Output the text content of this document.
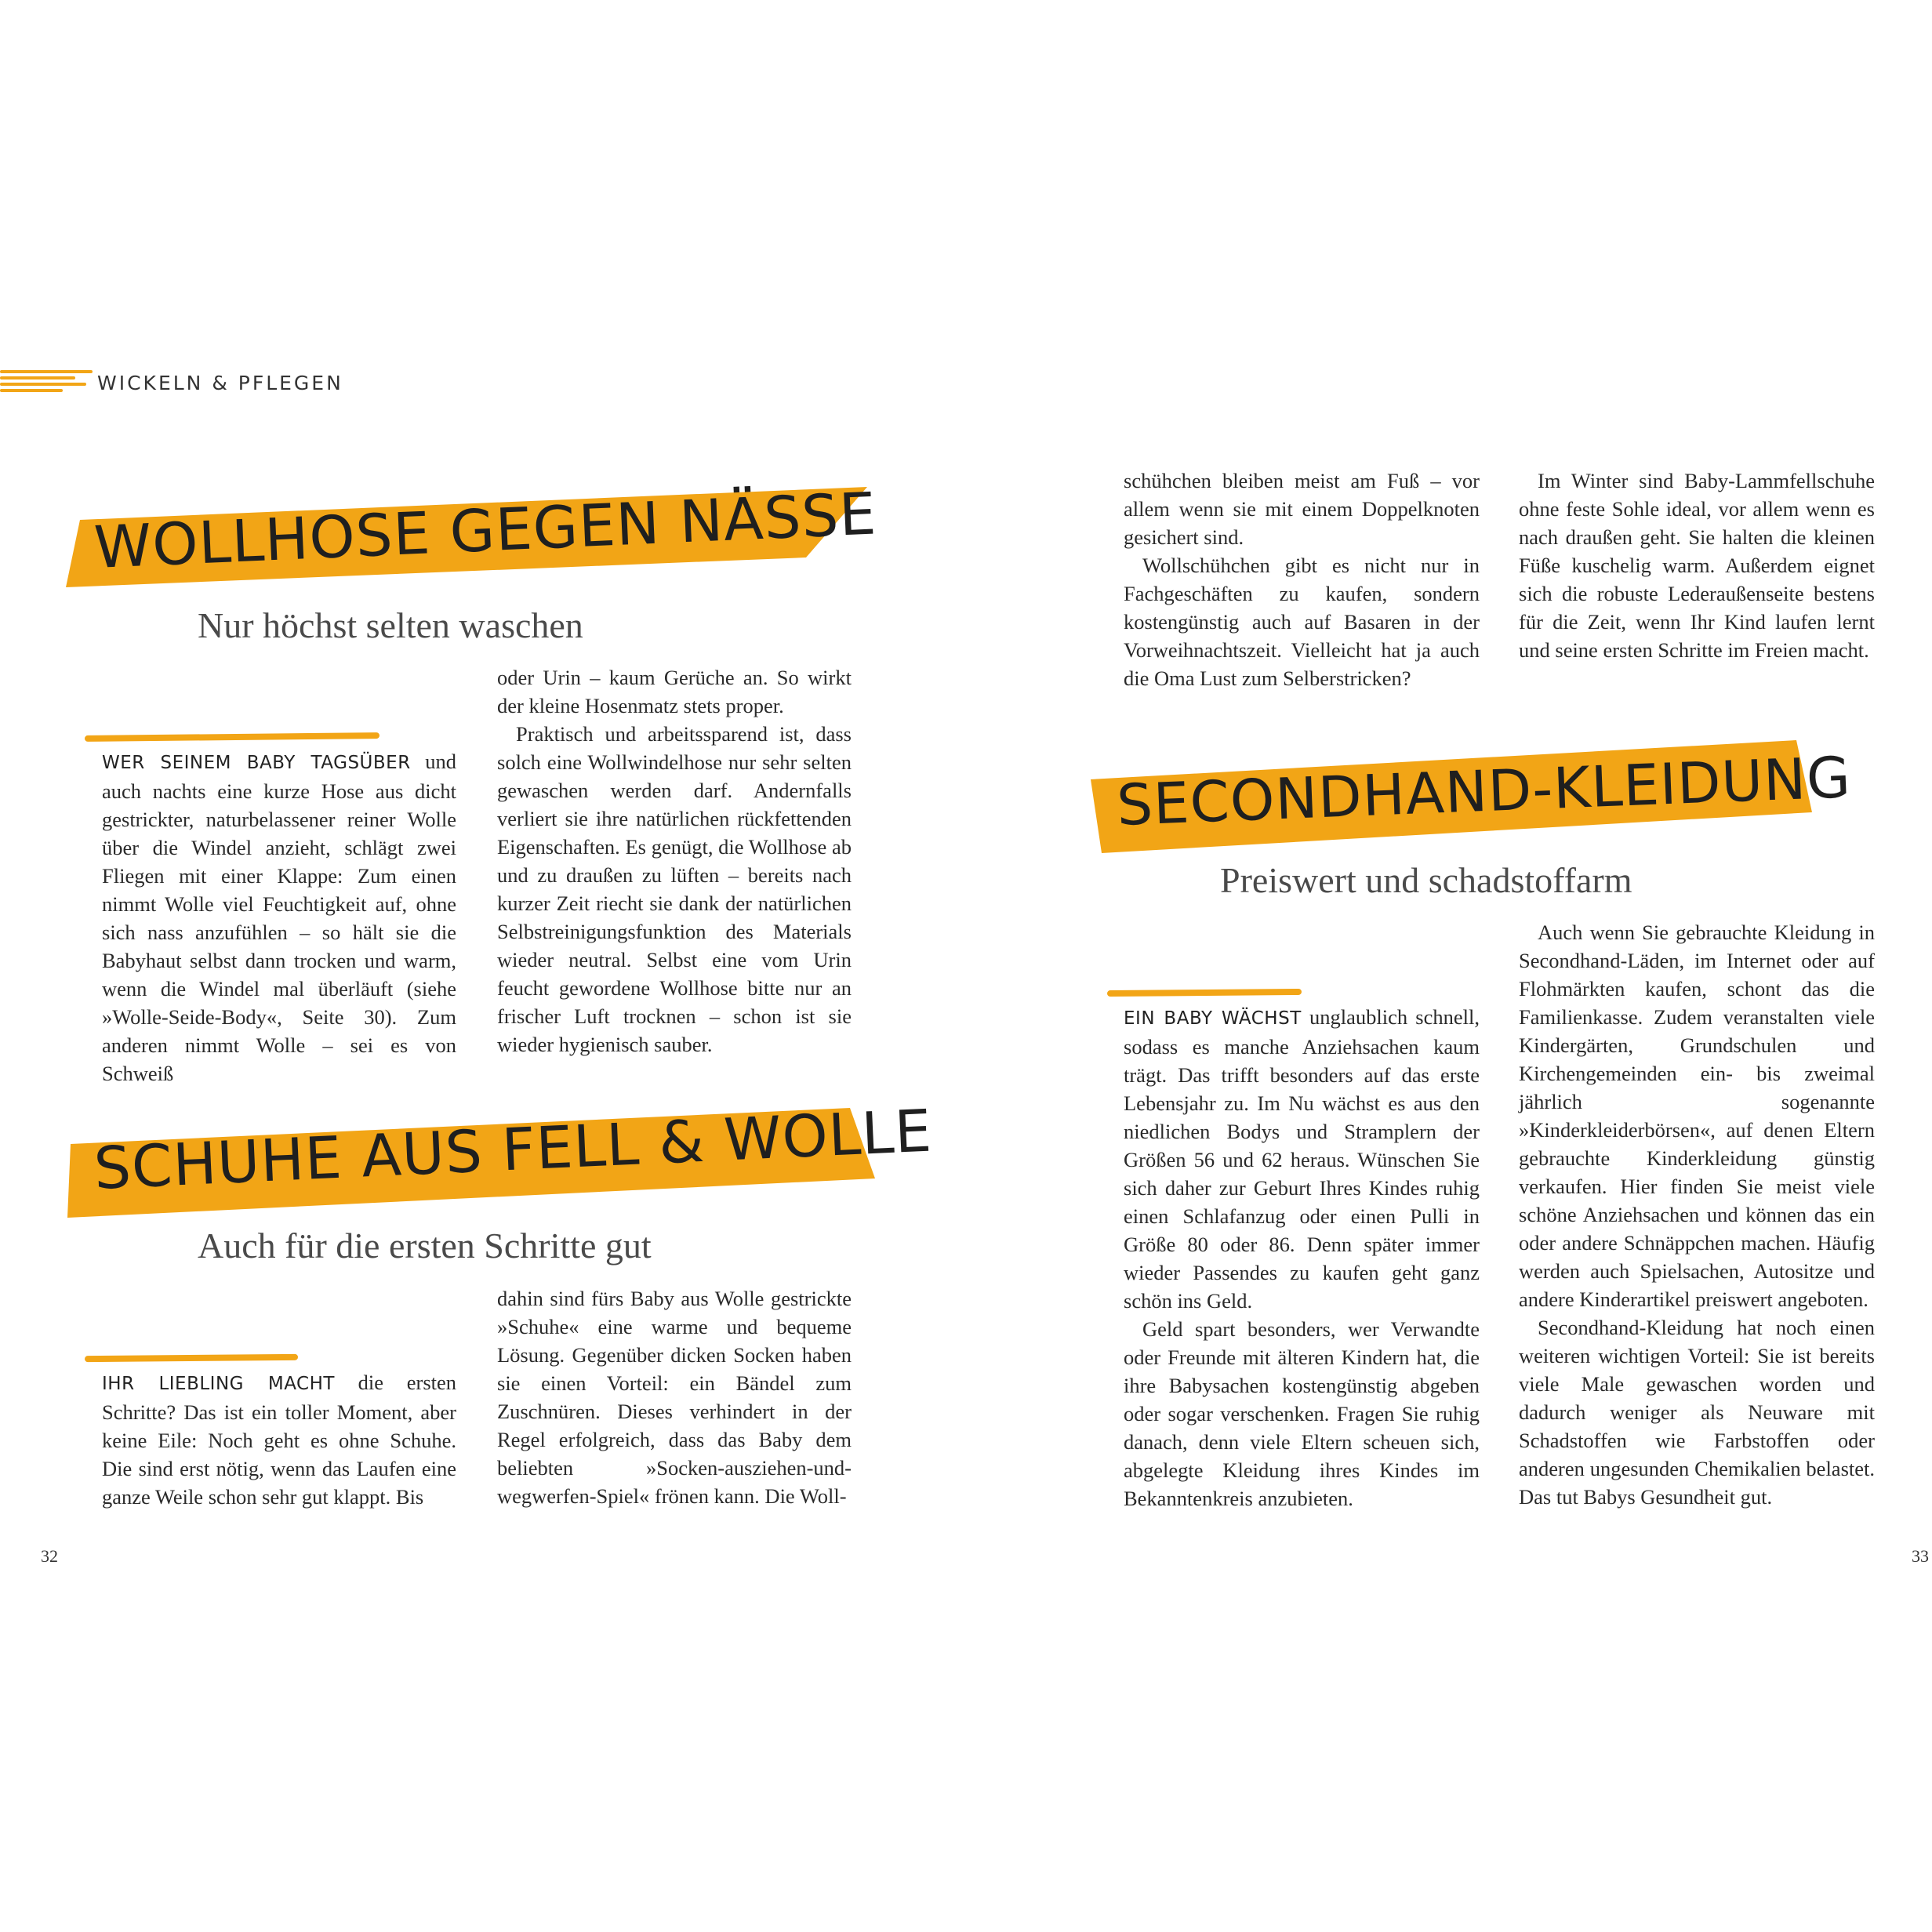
WICKELN & PFLEGEN
WOLLHOSE GEGEN NÄSSE
Nur höchst selten waschen

WER SEINEM BABY TAGSÜBER und auch nachts eine kurze Hose aus dicht gestrickter, naturbelassener reiner Wolle über die Windel anzieht, schlägt zwei Fliegen mit einer Klappe: Zum einen nimmt Wolle viel Feuchtigkeit auf, ohne sich nass anzufühlen – so hält sie die Babyhaut selbst dann trocken und warm, wenn die Windel mal überläuft (siehe »Wolle-Seide-Body«, Seite 30). Zum anderen nimmt Wolle – sei es von Schweiß

oder Urin – kaum Gerüche an. So wirkt der kleine Hosenmatz stets proper.

Praktisch und arbeitssparend ist, dass solch eine Wollwindelhose nur sehr selten gewaschen werden darf. Andernfalls verliert sie ihre natürlichen rückfettenden Eigenschaften. Es genügt, die Wollhose ab und zu draußen zu lüften – bereits nach kurzer Zeit riecht sie dank der natürlichen Selbstreinigungsfunktion des Materials wieder neutral. Selbst eine vom Urin feucht gewordene Wollhose bitte nur an frischer Luft trocknen – schon ist sie wieder hygienisch sauber.

SCHUHE AUS FELL & WOLLE
Auch für die ersten Schritte gut

IHR LIEBLING MACHT die ersten Schritte? Das ist ein toller Moment, aber keine Eile: Noch geht es ohne Schuhe. Die sind erst nötig, wenn das Laufen eine ganze Weile schon sehr gut klappt. Bis

dahin sind fürs Baby aus Wolle gestrickte »Schuhe« eine warme und bequeme Lösung. Gegenüber dicken Socken haben sie einen Vorteil: ein Bändel zum Zuschnüren. Dieses verhindert in der Regel erfolgreich, dass das Baby dem beliebten »Socken-ausziehen-und-wegwerfen-Spiel« frönen kann. Die Woll-

schühchen bleiben meist am Fuß – vor allem wenn sie mit einem Doppelknoten gesichert sind.

Wollschühchen gibt es nicht nur in Fachgeschäften zu kaufen, sondern kostengünstig auch auf Basaren in der Vorweihnachtszeit. Vielleicht hat ja auch die Oma Lust zum Selberstricken?

Im Winter sind Baby-Lammfellschuhe ohne feste Sohle ideal, vor allem wenn es nach draußen geht. Sie halten die kleinen Füße kuschelig warm. Außerdem eignet sich die robuste Lederaußenseite bestens für die Zeit, wenn Ihr Kind laufen lernt und seine ersten Schritte im Freien macht.

SECONDHAND-KLEIDUNG
Preiswert und schadstoffarm

EIN BABY WÄCHST unglaublich schnell, sodass es manche Anziehsachen kaum trägt. Das trifft besonders auf das erste Lebensjahr zu. Im Nu wächst es aus den niedlichen Bodys und Stramplern der Größen 56 und 62 heraus. Wünschen Sie sich daher zur Geburt Ihres Kindes ruhig einen Schlafanzug oder einen Pulli in Größe 80 oder 86. Denn später immer wieder Passendes zu kaufen geht ganz schön ins Geld.

Geld spart besonders, wer Verwandte oder Freunde mit älteren Kindern hat, die ihre Babysachen kostengünstig abgeben oder sogar verschenken. Fragen Sie ruhig danach, denn viele Eltern scheuen sich, abgelegte Kleidung ihres Kindes im Bekanntenkreis anzubieten.

Auch wenn Sie gebrauchte Kleidung in Secondhand-Läden, im Internet oder auf Flohmärkten kaufen, schont das die Familienkasse. Zudem veranstalten viele Kindergärten, Grundschulen und Kirchengemeinden ein- bis zweimal jährlich sogenannte »Kinderkleiderbörsen«, auf denen Eltern gebrauchte Kinderkleidung günstig verkaufen. Hier finden Sie meist viele schöne Anziehsachen und können das ein oder andere Schnäppchen machen. Häufig werden auch Spielsachen, Autositze und andere Kinderartikel preiswert angeboten.

Secondhand-Kleidung hat noch einen weiteren wichtigen Vorteil: Sie ist bereits viele Male gewaschen worden und dadurch weniger als Neuware mit Schadstoffen wie Farbstoffen oder anderen ungesunden Chemikalien belastet. Das tut Babys Gesundheit gut.

32	33
